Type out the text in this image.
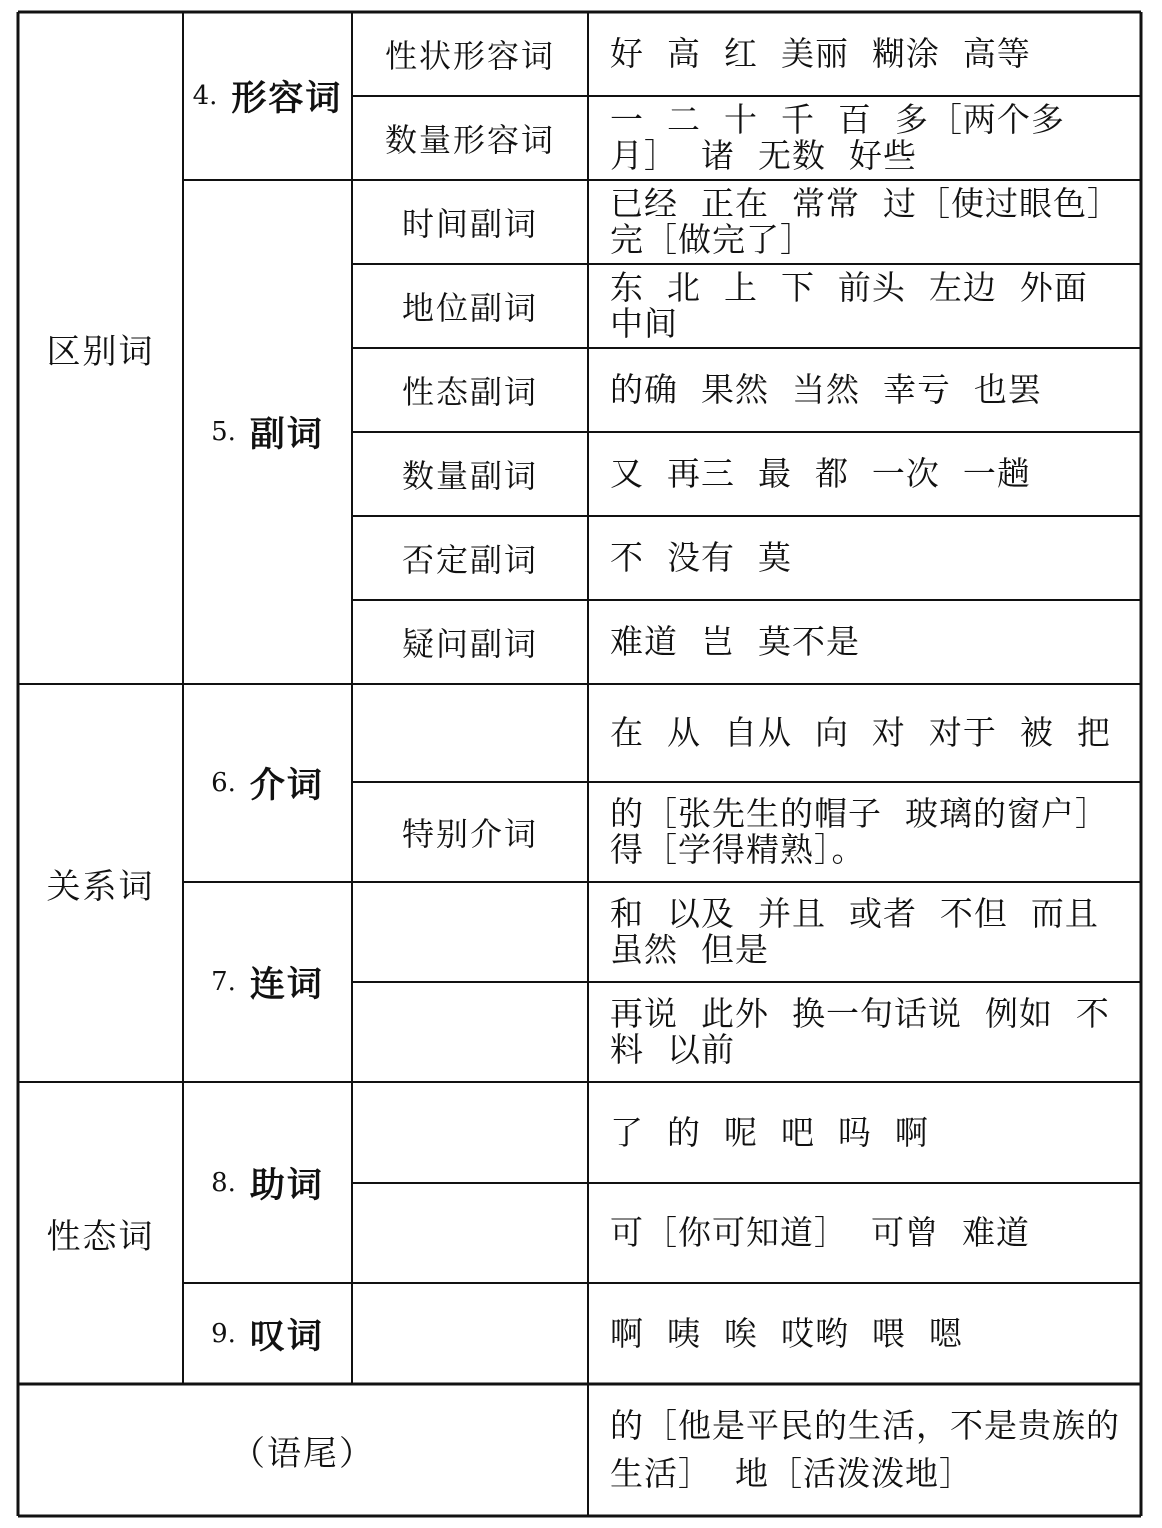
区别词
关系词
性态词
4. 形容词
5. 副词
6. 介词
7. 连词
8. 助词
9. 叹词
性状形容词 好  高  红  美丽  糊涂  高等
数量形容词
一  二  十  千  百  多［两个多月］  诸  无数  好些
时间副词
已经  正在  常常  过［使过眼色］  完［做完了］
地位副词
东  北  上  下  前头  左边  外面  中间
性态副词 的确  果然  当然  幸亏  也罢
数量副词 又  再三  最  都  一次  一趟
否定副词 不  没有  莫
疑问副词 难道  岂  莫不是
在  从  自从  向  对  对于  被  把
特别介词
的［张先生的帽子  玻璃的窗户］得［学得精熟］。
和  以及  并且  或者  不但  而且  虽然  但是
再说  此外  换一句话说  例如  不料  以前
了  的  呢  吧  吗  啊
可［你可知道］  可曾  难道
啊  咦  唉  哎哟  喂  嗯
（语尾）
的［他是平民的生活，不是贵族的生活］  地［活泼泼地］
